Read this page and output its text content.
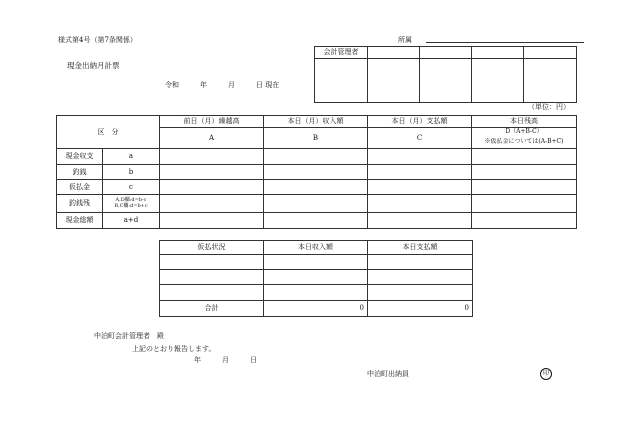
様式第4号（第7条関係）	所属
現金出納月計票
令和　　　年　　　月　　　日 現在
（単位：円）
会計管理者				

区　分		前日（月）繰越高	本日（月）収入額	本日（月）支払額	本日残高
		A	B	C	D（A+B-C）
					※仮払金については(A-B+C)
現金収支	a				
釣銭	b				
仮払金	c				
釣銭残	A,D欄:d=b-c
B,C欄:d=b+c				

現金総額	a+d				
仮払状況	本日収入額	本日支払額

合計	0	0
中泊町会計管理者　殿
上記のとおり報告します。
年　　　月　　　日
中泊町出納員	印
